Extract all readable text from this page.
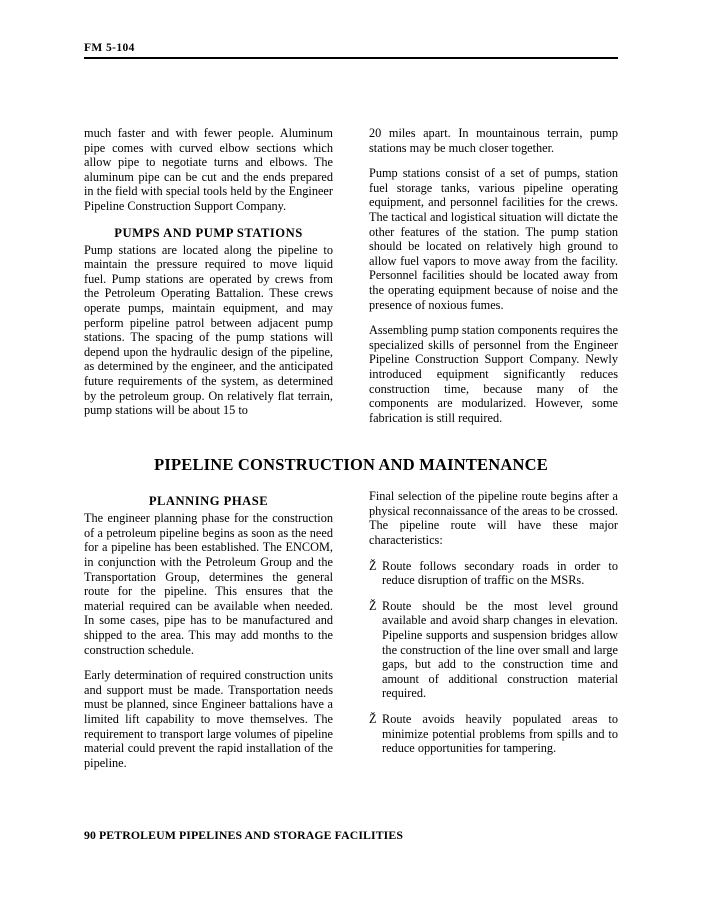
FM 5-104

much faster and with fewer people. Aluminum pipe comes with curved elbow sections which allow pipe to negotiate turns and elbows. The aluminum pipe can be cut and the ends prepared in the field with special tools held by the Engineer Pipeline Construction Support Company.

PUMPS AND PUMP STATIONS

Pump stations are located along the pipeline to maintain the pressure required to move liquid fuel. Pump stations are operated by crews from the Petroleum Operating Battalion. These crews operate pumps, maintain equipment, and may perform pipeline patrol between adjacent pump stations. The spacing of the pump stations will depend upon the hydraulic design of the pipeline, as determined by the engineer, and the anticipated future requirements of the system, as determined by the petroleum group. On relatively flat terrain, pump stations will be about 15 to

20 miles apart. In mountainous terrain, pump stations may be much closer together.

Pump stations consist of a set of pumps, station fuel storage tanks, various pipeline operating equipment, and personnel facilities for the crews. The tactical and logistical situation will dictate the other features of the station. The pump station should be located on relatively high ground to allow fuel vapors to move away from the facility. Personnel facilities should be located away from the operating equipment because of noise and the presence of noxious fumes.

Assembling pump station components requires the specialized skills of personnel from the Engineer Pipeline Construction Support Company. Newly introduced equipment significantly reduces construction time, because many of the components are modularized. However, some fabrication is still required.

PIPELINE CONSTRUCTION AND MAINTENANCE
PLANNING PHASE

The engineer planning phase for the construction of a petroleum pipeline begins as soon as the need for a pipeline has been established. The ENCOM, in conjunction with the Petroleum Group and the Transportation Group, determines the general route for the pipeline. This ensures that the material required can be available when needed. In some cases, pipe has to be manufactured and shipped to the area. This may add months to the construction schedule.

Early determination of required construction units and support must be made. Transportation needs must be planned, since Engineer battalions have a limited lift capability to move themselves. The requirement to transport large volumes of pipeline material could prevent the rapid installation of the pipeline.

Final selection of the pipeline route begins after a physical reconnaissance of the areas to be crossed. The pipeline route will have these major characteristics:

Ž Route follows secondary roads in order to reduce disruption of traffic on the MSRs.
Ž Route should be the most level ground available and avoid sharp changes in elevation. Pipeline supports and suspension bridges allow the construction of the line over small and large gaps, but add to the construction time and amount of additional construction material required.
Ž Route avoids heavily populated areas to minimize potential problems from spills and to reduce opportunities for tampering.
90 PETROLEUM PIPELINES AND STORAGE FACILITIES
